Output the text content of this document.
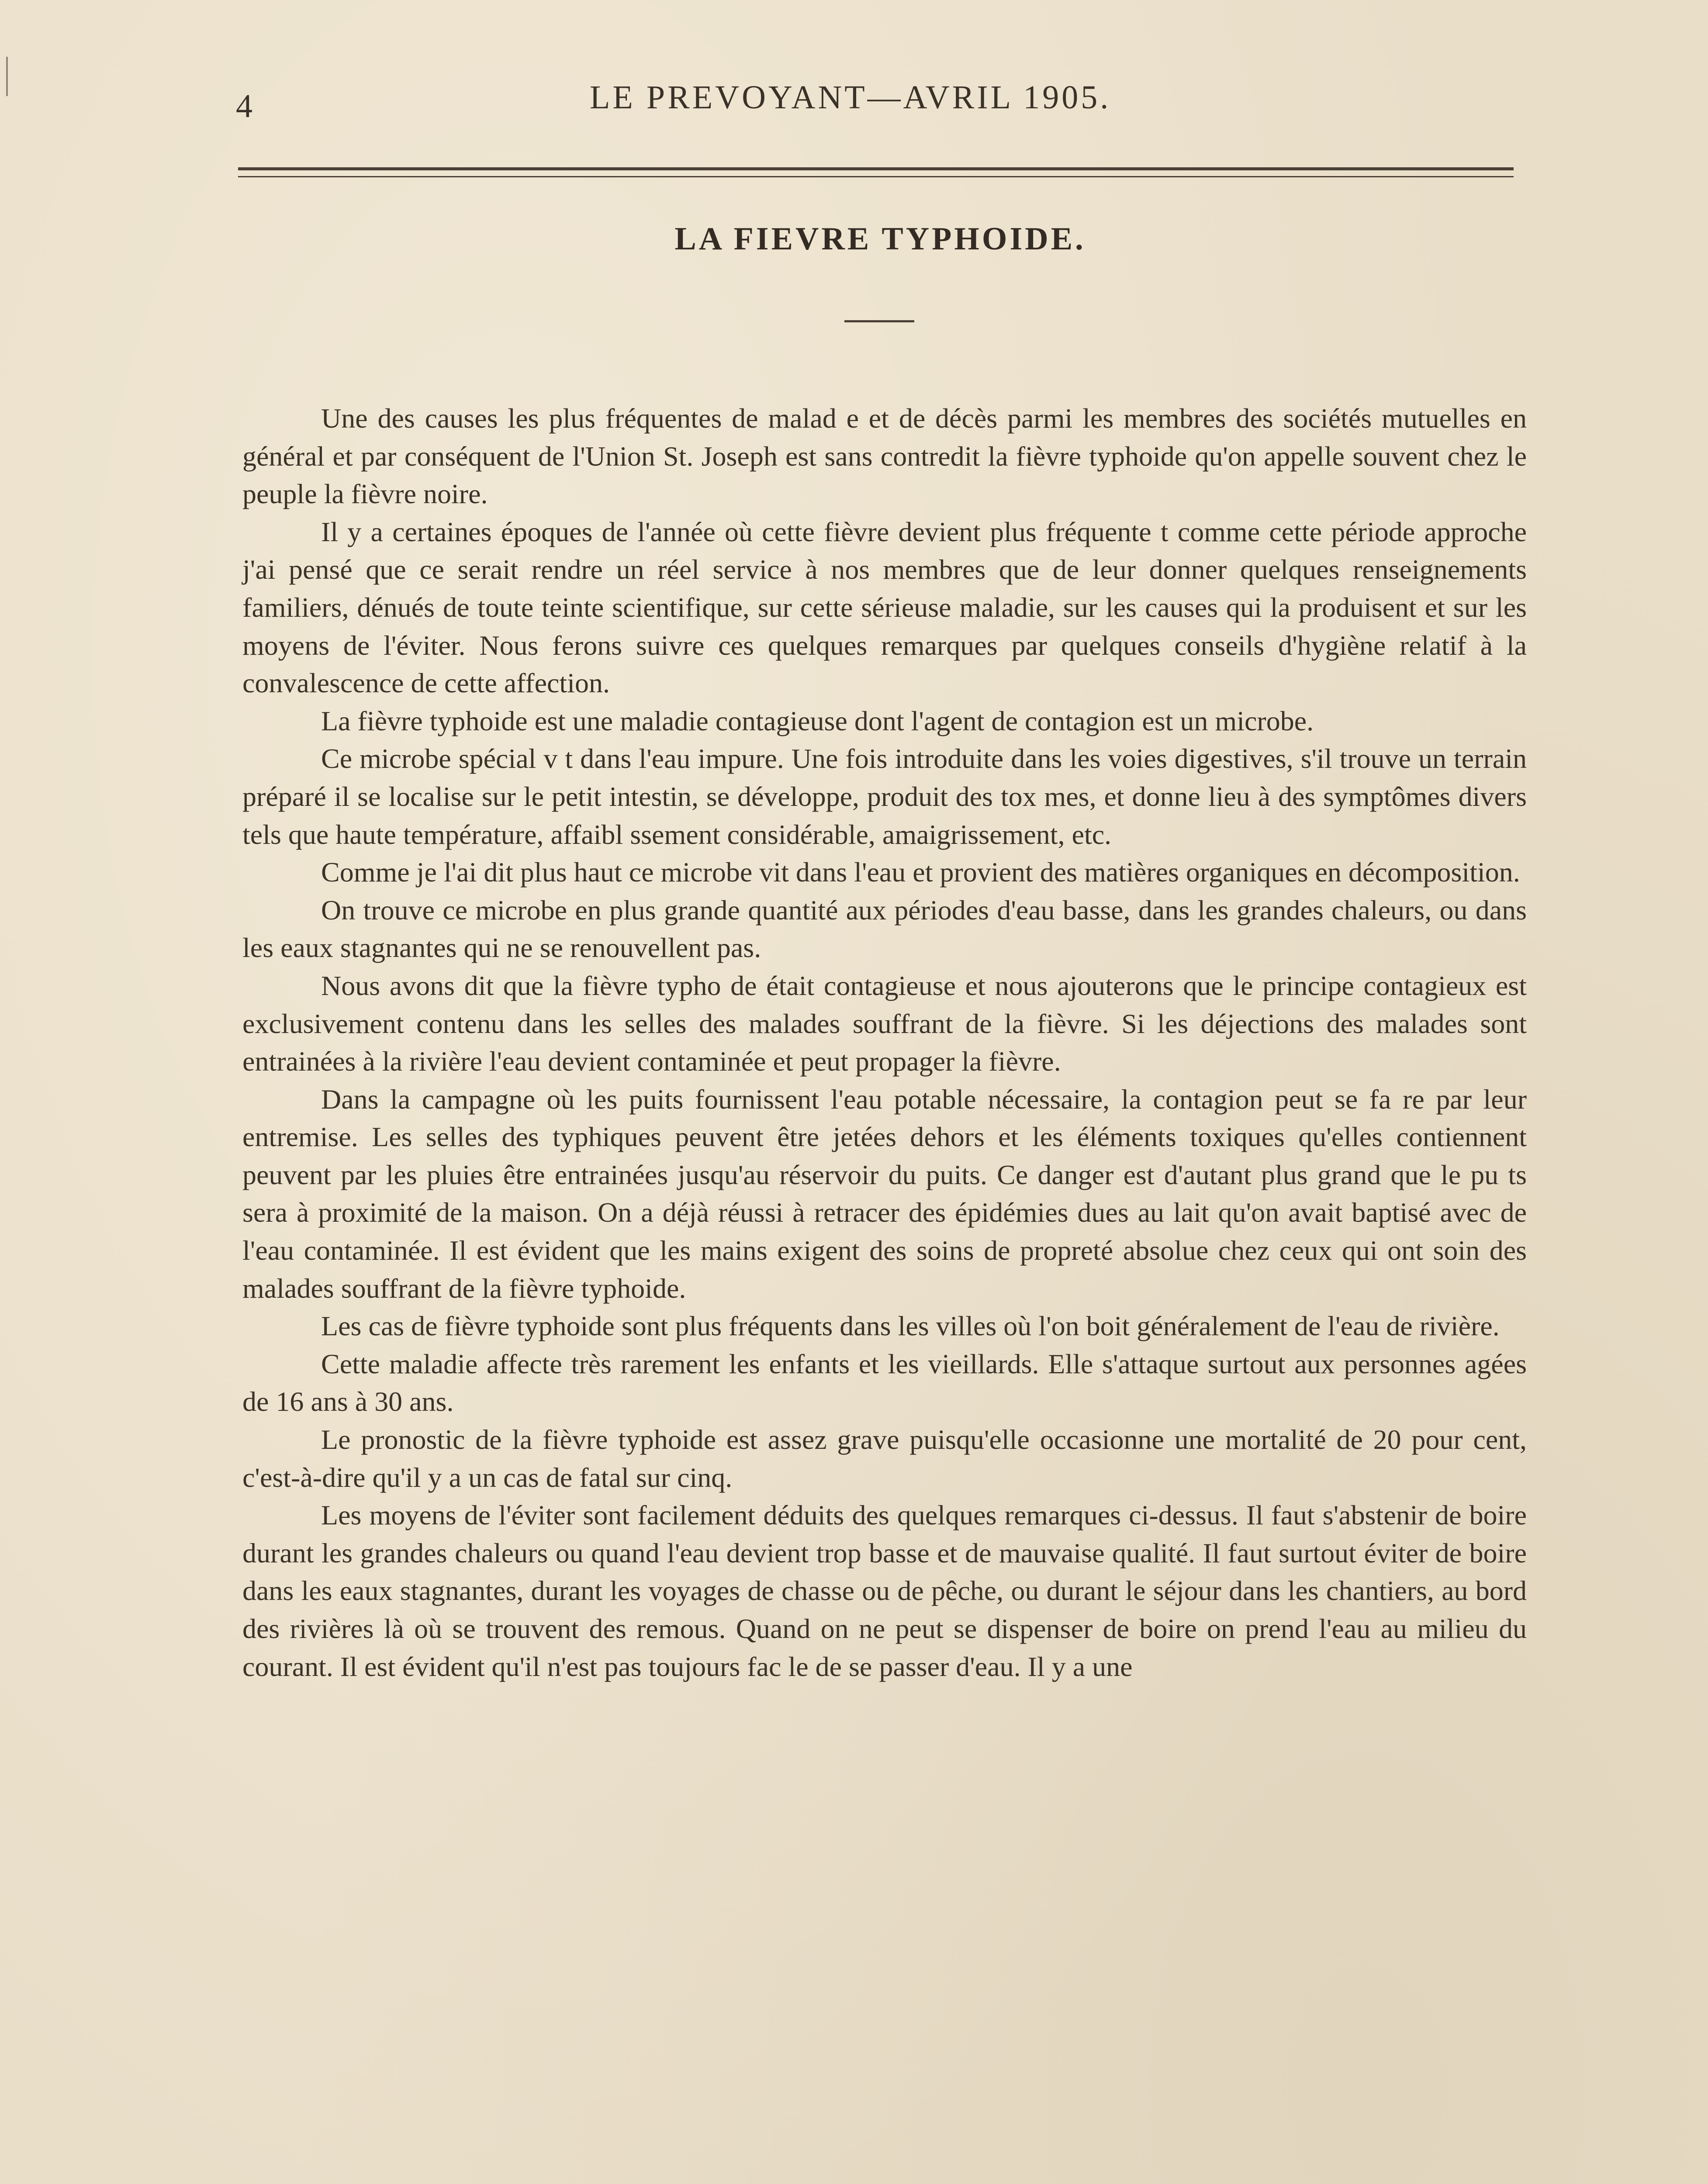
4	LE PREVOYANT—AVRIL 1905.
LA FIEVRE TYPHOIDE.

Une des causes les plus fréquentes de malad e et de décès parmi les membres des sociétés mutuelles en général et par conséquent de l'Union St. Joseph est sans contredit la fièvre typhoide qu'on appelle souvent chez le peuple la fièvre noire.

Il y a certaines époques de l'année où cette fièvre devient plus fréquente t comme cette période approche j'ai pensé que ce serait rendre un réel service à nos membres que de leur donner quelques renseignements familiers, dénués de toute teinte scientifique, sur cette sérieuse maladie, sur les causes qui la produisent et sur les moyens de l'éviter. Nous ferons suivre ces quelques remarques par quelques conseils d'hygiène relatif à la convalescence de cette affection.

La fièvre typhoide est une maladie contagieuse dont l'agent de contagion est un microbe.

Ce microbe spécial v t dans l'eau impure. Une fois introduite dans les voies digestives, s'il trouve un terrain préparé il se localise sur le petit intestin, se développe, produit des tox mes, et donne lieu à des symptômes divers tels que haute température, affaibl ssement considérable, amaigrissement, etc.

Comme je l'ai dit plus haut ce microbe vit dans l'eau et provient des matières organiques en décomposition.

On trouve ce microbe en plus grande quantité aux périodes d'eau basse, dans les grandes chaleurs, ou dans les eaux stagnantes qui ne se renouvellent pas.

Nous avons dit que la fièvre typho de était contagieuse et nous ajouterons que le principe contagieux est exclusivement contenu dans les selles des malades souffrant de la fièvre. Si les déjections des malades sont entrainées à la rivière l'eau devient contaminée et peut propager la fièvre.

Dans la campagne où les puits fournissent l'eau potable nécessaire, la contagion peut se fa re par leur entremise. Les selles des typhiques peuvent être jetées dehors et les éléments toxiques qu'elles contiennent peuvent par les pluies être entrainées jusqu'au réservoir du puits. Ce danger est d'autant plus grand que le pu ts sera à proximité de la maison. On a déjà réussi à retracer des épidémies dues au lait qu'on avait baptisé avec de l'eau contaminée. Il est évident que les mains exigent des soins de propreté absolue chez ceux qui ont soin des malades souffrant de la fièvre typhoide.

Les cas de fièvre typhoide sont plus fréquents dans les villes où l'on boit généralement de l'eau de rivière.

Cette maladie affecte très rarement les enfants et les vieillards. Elle s'attaque surtout aux personnes agées de 16 ans à 30 ans.

Le pronostic de la fièvre typhoide est assez grave puisqu'elle occasionne une mortalité de 20 pour cent, c'est-à-dire qu'il y a un cas de fatal sur cinq.

Les moyens de l'éviter sont facilement déduits des quelques remarques ci-dessus. Il faut s'abstenir de boire durant les grandes chaleurs ou quand l'eau devient trop basse et de mauvaise qualité. Il faut surtout éviter de boire dans les eaux stagnantes, durant les voyages de chasse ou de pêche, ou durant le séjour dans les chantiers, au bord des rivières là où se trouvent des remous. Quand on ne peut se dispenser de boire on prend l'eau au milieu du courant. Il est évident qu'il n'est pas toujours fac le de se passer d'eau. Il y a une
